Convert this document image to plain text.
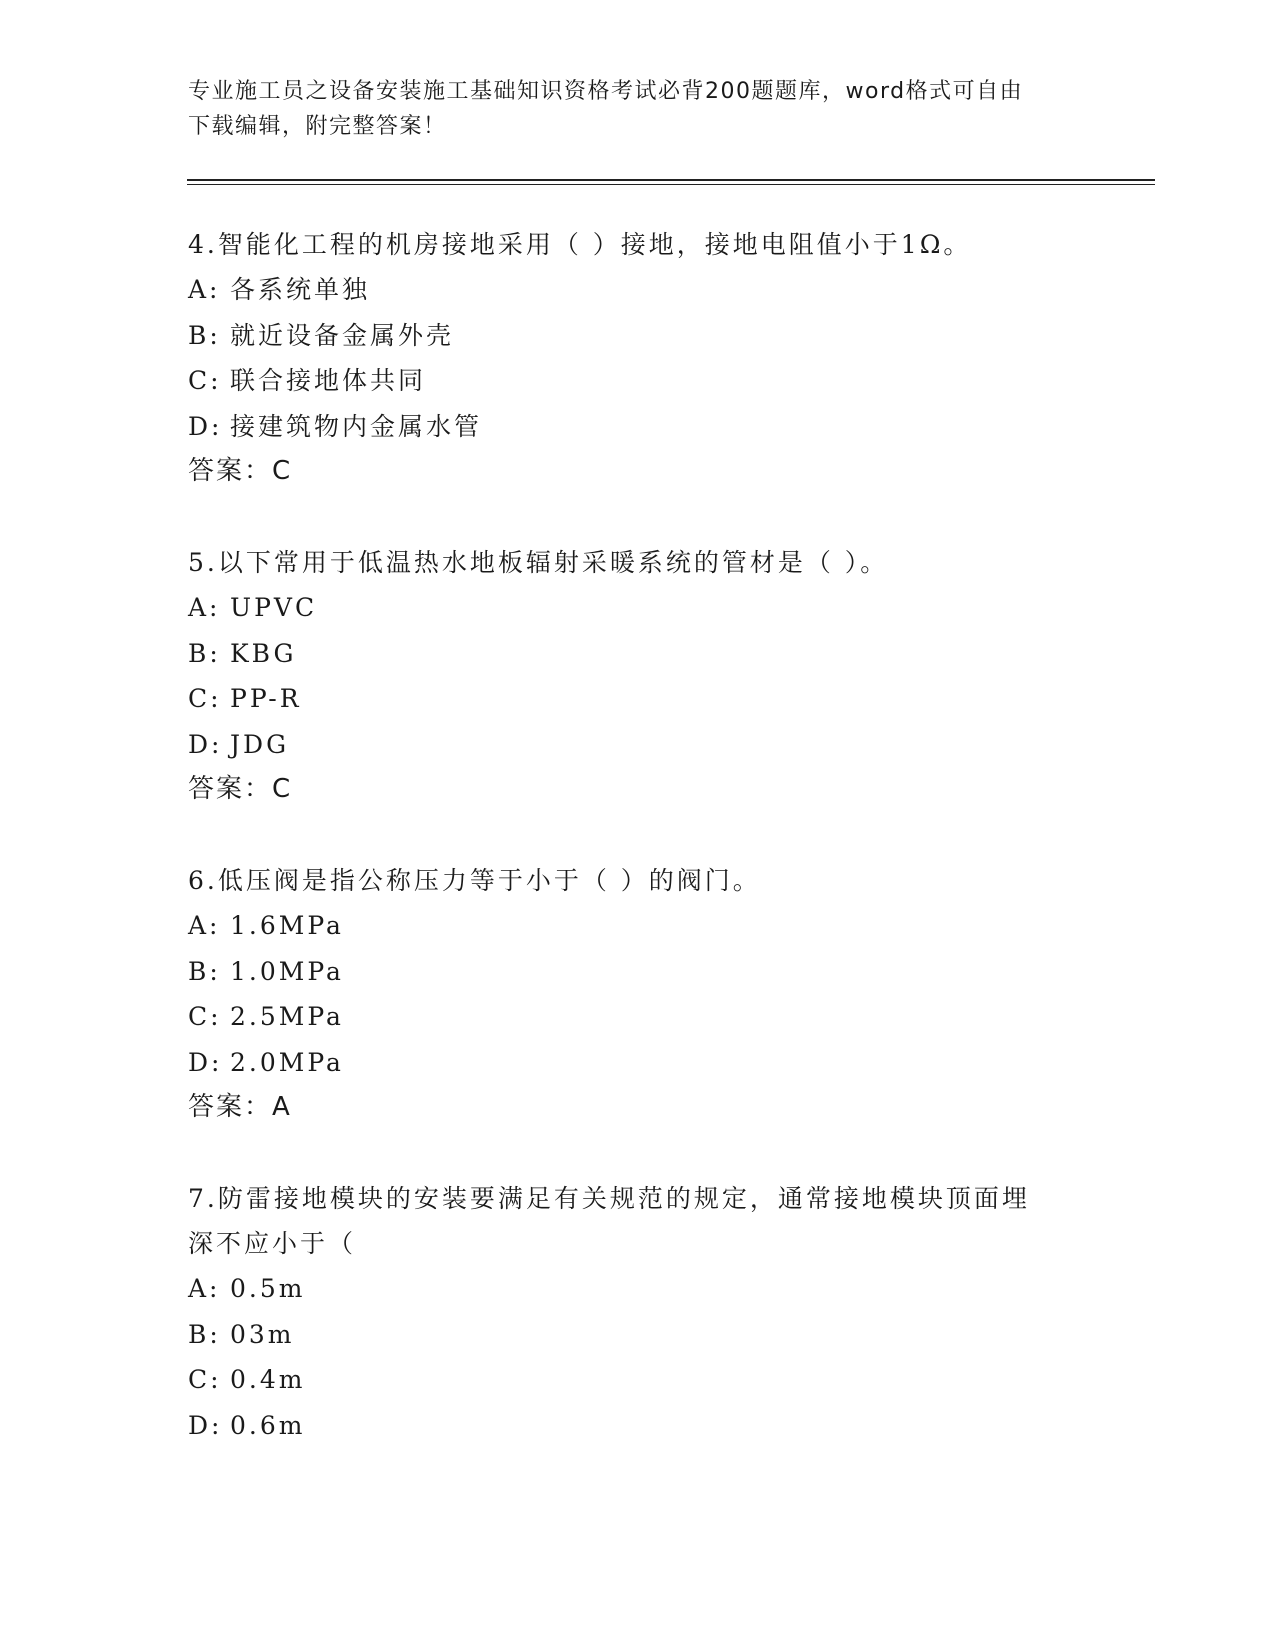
专业施工员之设备安装施工基础知识资格考试必背200题题库，word格式可自由
下载编辑，附完整答案！
4.智能化工程的机房接地采用（ ）接地，接地电阻值小于1Ω。
A: 各系统单独
B: 就近设备金属外壳
C: 联合接地体共同
D: 接建筑物内金属水管
答案：C
5.以下常用于低温热水地板辐射采暖系统的管材是（ ）。
A: UPVC
B: KBG
C: PP-R
D: JDG
答案：C
6.低压阀是指公称压力等于小于（ ）的阀门。
A: 1.6MPa
B: 1.0MPa
C: 2.5MPa
D: 2.0MPa
答案：A
7.防雷接地模块的安装要满足有关规范的规定，通常接地模块顶面埋
深不应小于（
A: 0.5m
B: 03m
C: 0.4m
D: 0.6m
